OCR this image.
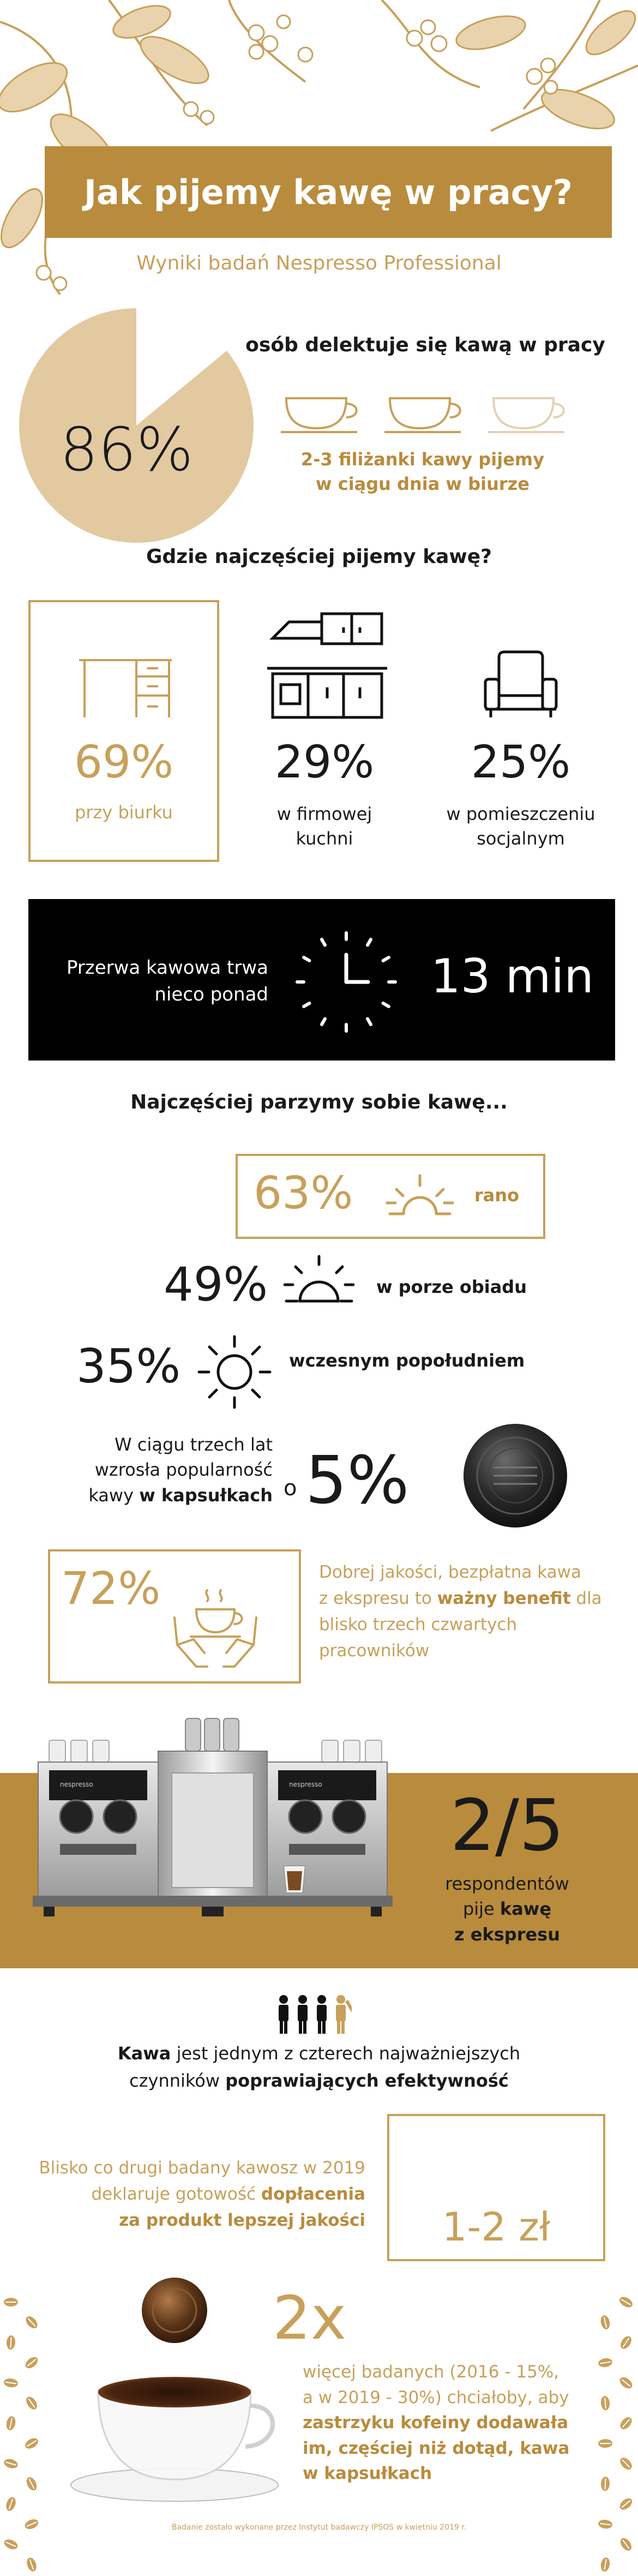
Jak pijemy kawę w pracy?
Wyniki badań Nespresso Professional
86%
osób delektuje się kawą w pracy
2-3 filiżanki kawy pijemy
w ciągu dnia w biurze
Gdzie najczęściej pijemy kawę?
69%
przy biurku
29%
w firmowej
kuchni
25%
w pomieszczeniu
socjalnym
Przerwa kawowa trwa
nieco ponad	13 min
Najczęściej parzymy sobie kawę...
63%	rano
49%	w porze obiadu
35%	wczesnym popołudniem
W ciągu trzech lat
wzrosła popularność
kawy w kapsułkach o 5%
72%	Dobrej jakości, bezpłatna kawa
z ekspresu to ważny benefit dla
blisko trzech czwartych
pracowników
nespresso	nespresso	2/5
respondentów
pije kawę
z ekspresu
Kawa jest jednym z czterech najważniejszych
czynników poprawiających efektywność
Blisko co drugi badany kawosz w 2019
deklaruje gotowość dopłacenia
za produkt lepszej jakości	1-2 zł
2x
więcej badanych (2016 - 15%,
a w 2019 - 30%) chciałoby, aby
zastrzyku kofeiny dodawała
im, częściej niż dotąd, kawa
w kapsułkach
Badanie zostało wykonane przez Instytut badawczy IPSOS w kwietniu 2019 r.
